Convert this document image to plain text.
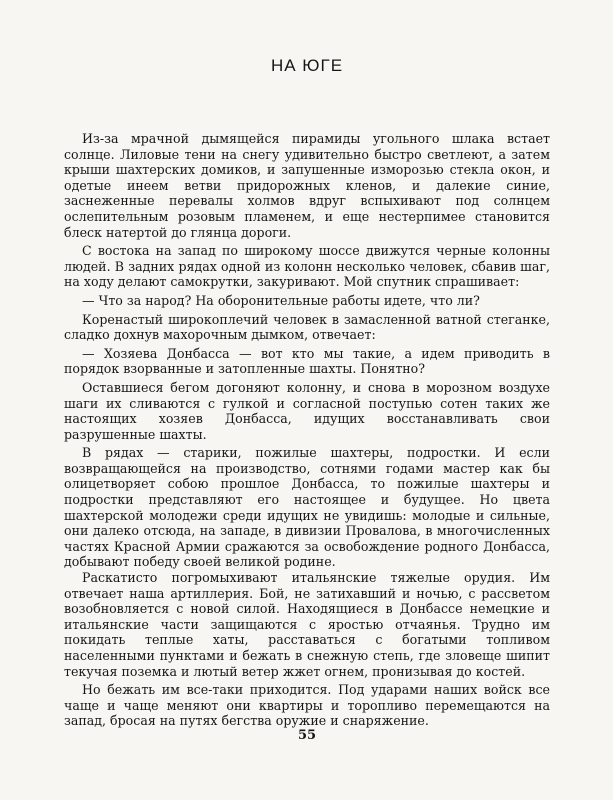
НА ЮГЕ

Из-за мрачной дымящейся пирамиды угольного шлака встает солнце. Лиловые тени на снегу удивительно быстро светлеют, а затем крыши шахтерских домиков, и запушенные изморозью стекла окон, и одетые инеем ветви придорожных кленов, и далекие синие, заснеженные перевалы холмов вдруг вспыхивают под солнцем ослепительным розовым пламенем, и еще нестерпимее становится блеск натертой до глянца дороги.

С востока на запад по широкому шоссе движутся черные колонны людей. В задних рядах одной из колонн несколько человек, сбавив шаг, на ходу делают самокрутки, закуривают. Мой спутник спрашивает:

— Что за народ? На оборонительные работы идете, что ли?

Коренастый широкоплечий человек в замасленной ватной стеганке, сладко дохнув махорочным дымком, отвечает:

— Хозяева Донбасса — вот кто мы такие, а идем приводить в порядок взорванные и затопленные шахты. Понятно?

Оставшиеся бегом догоняют колонну, и снова в морозном воздухе шаги их сливаются с гулкой и согласной поступью сотен таких же настоящих хозяев Донбасса, идущих восстанавливать свои разрушенные шахты.

В рядах — старики, пожилые шахтеры, подростки. И если возвращающейся на производство, сотнями годами мастер как бы олицетворяет собою прошлое Донбасса, то пожилые шахтеры и подростки представляют его настоящее и будущее. Но цвета шахтерской молодежи среди идущих не увидишь: молодые и сильные, они далеко отсюда, на западе, в дивизии Провалова, в многочисленных частях Красной Армии сражаются за освобождение родного Донбасса, добывают победу своей великой родине.

Раскатисто погромыхивают итальянские тяжелые орудия. Им отвечает наша артиллерия. Бой, не затихавший и ночью, с рассветом возобновляется с новой силой. Находящиеся в Донбассе немецкие и итальянские части защищаются с яростью отчаянья. Трудно им покидать теплые хаты, расставаться с богатыми топливом населенными пунктами и бежать в снежную степь, где зловеще шипит текучая поземка и лютый ветер жжет огнем, пронизывая до костей.

Но бежать им все-таки приходится. Под ударами наших войск все чаще и чаще меняют они квартиры и торопливо перемещаются на запад, бросая на путях бегства оружие и снаряжение.

55
